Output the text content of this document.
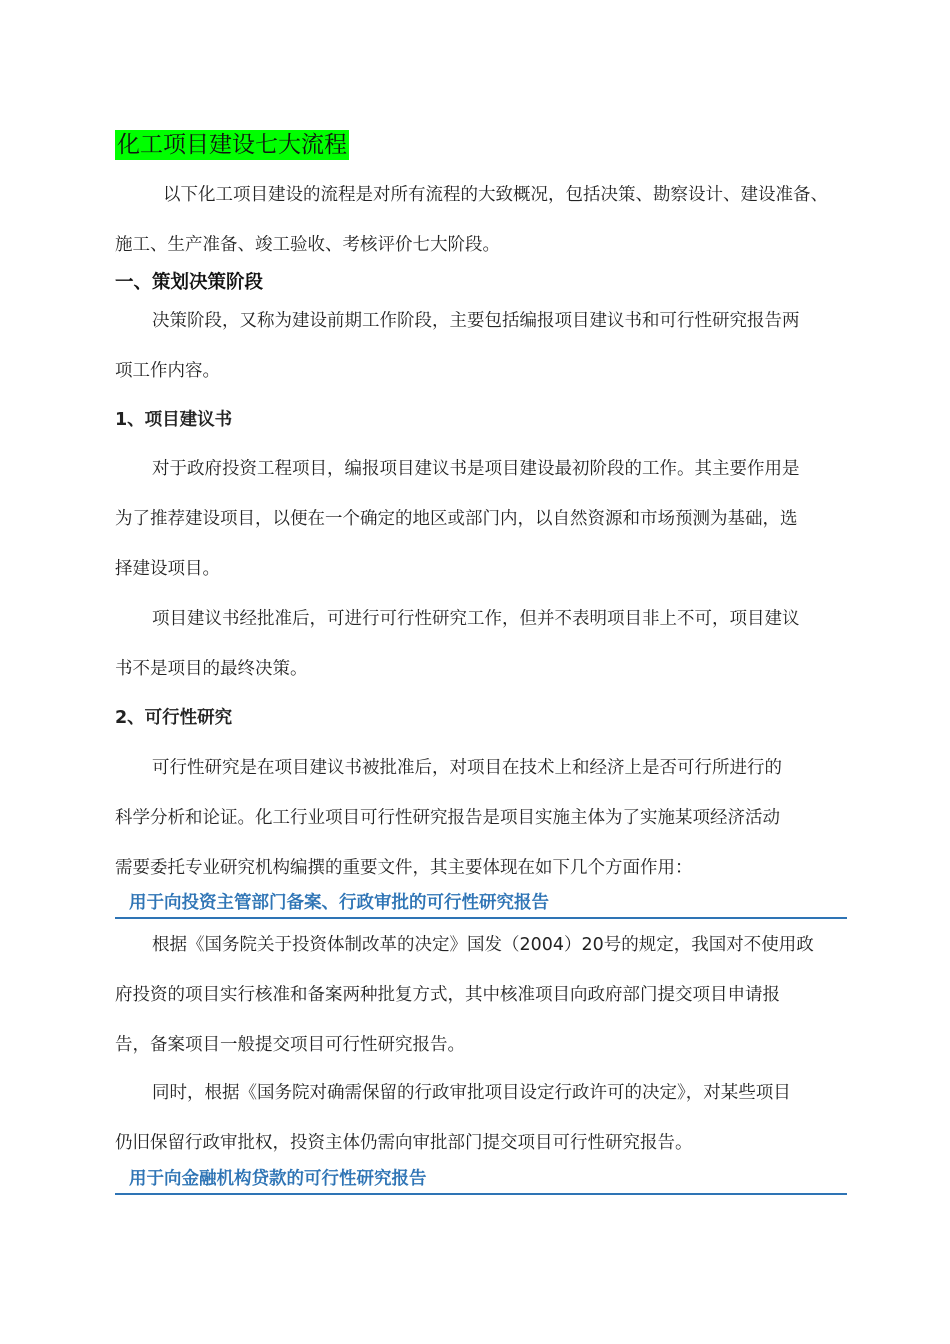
化工项目建设七大流程
以下化工项目建设的流程是对所有流程的大致概况，包括决策、勘察设计、建设准备、
施工、生产准备、竣工验收、考核评价七大阶段。
一、策划决策阶段
决策阶段，又称为建设前期工作阶段，主要包括编报项目建议书和可行性研究报告两
项工作内容。
1、项目建议书
对于政府投资工程项目，编报项目建议书是项目建设最初阶段的工作。其主要作用是
为了推荐建设项目，以便在一个确定的地区或部门内，以自然资源和市场预测为基础，选
择建设项目。
项目建议书经批准后，可进行可行性研究工作，但并不表明项目非上不可，项目建议
书不是项目的最终决策。
2、可行性研究
可行性研究是在项目建议书被批准后，对项目在技术上和经济上是否可行所进行的
科学分析和论证。化工行业项目可行性研究报告是项目实施主体为了实施某项经济活动
需要委托专业研究机构编撰的重要文件，其主要体现在如下几个方面作用：
用于向投资主管部门备案、行政审批的可行性研究报告
根据《国务院关于投资体制改革的决定》国发（2004）20号的规定，我国对不使用政
府投资的项目实行核准和备案两种批复方式，其中核准项目向政府部门提交项目申请报
告，备案项目一般提交项目可行性研究报告。
同时，根据《国务院对确需保留的行政审批项目设定行政许可的决定》，对某些项目
仍旧保留行政审批权，投资主体仍需向审批部门提交项目可行性研究报告。
用于向金融机构贷款的可行性研究报告
